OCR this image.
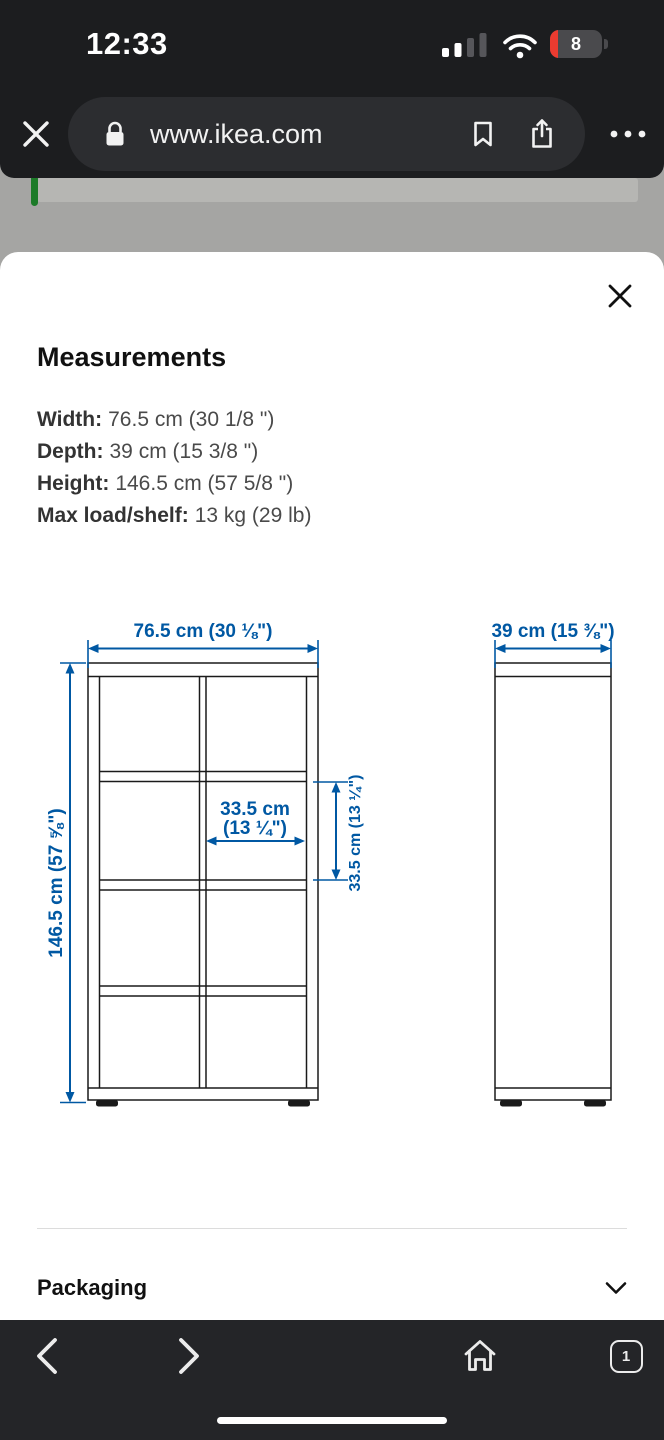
12:33	8
www.ikea.com
Measurements
Width: 76.5 cm (30 1/8 ")
Depth: 39 cm (15 3/8 ")
Height: 146.5 cm (57 5/8 ")
Max load/shelf: 13 kg (29 lb)
76.5 cm (30 ⅛")	39 cm (15 ⅜")
146.5 cm (57 ⅝")	33.5 cm
(13 ¼")	33.5 cm (13 ¼")
Packaging
1
